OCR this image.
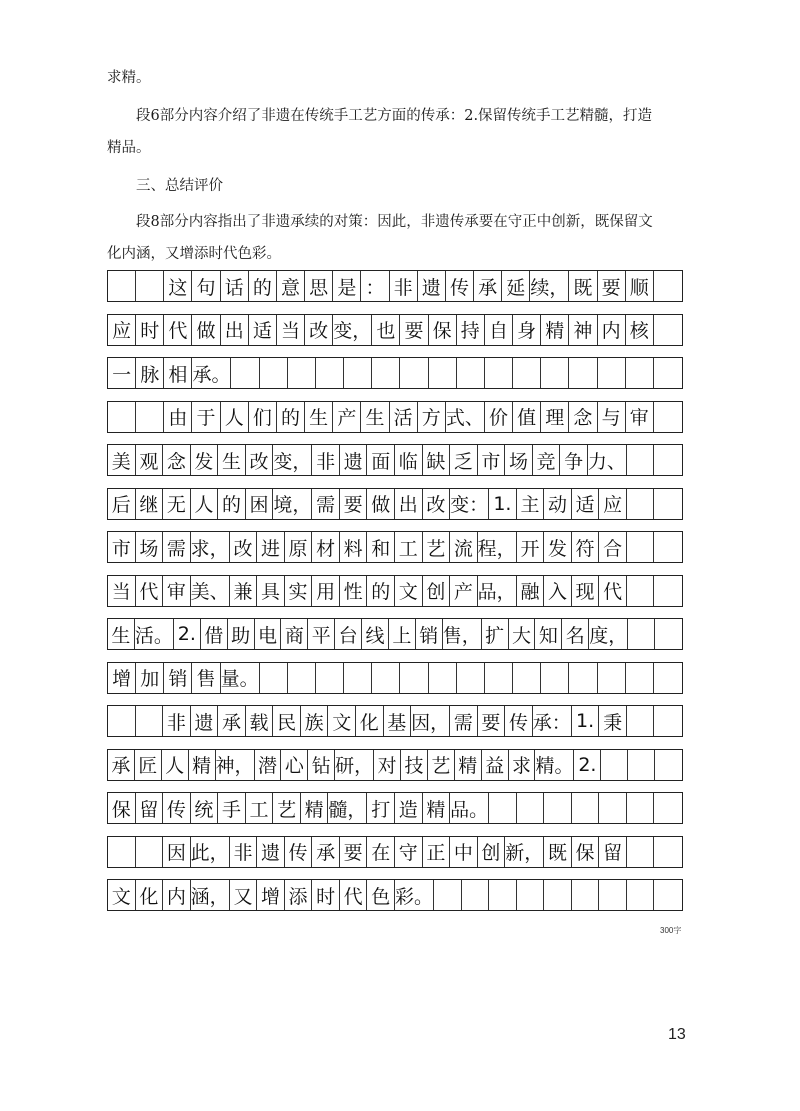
求精。

段6部分内容介绍了非遗在传统手工艺方面的传承：2.保留传统手工艺精髓，打造

精品。

三、总结评价

段8部分内容指出了非遗承续的对策：因此，非遗传承要在守正中创新，既保留文

化内涵，又增添时代色彩。

这 句 话 的 意 思 是 ： 非 遗 传 承 延 续， 既 要 顺
应 时 代 做 出 适 当 改 变， 也 要 保 持 自 身 精 神 内 核
一 脉 相 承。
由 于 人 们 的 生 产 生 活 方 式、 价 值 理 念 与 审
美 观 念 发 生 改 变， 非 遗 面 临 缺 乏 市 场 竞 争 力、
后 继 无 人 的 困 境， 需 要 做 出 改 变： 1. 主 动 适 应
市 场 需 求， 改 进 原 材 料 和 工 艺 流 程， 开 发 符 合
当 代 审 美、 兼 具 实 用 性 的 文 创 产 品， 融 入 现 代
生 活。 2. 借 助 电 商 平 台 线 上 销 售， 扩 大 知 名 度，
增 加 销 售 量。
非 遗 承 载 民 族 文 化 基 因， 需 要 传 承： 1. 秉
承 匠 人 精 神， 潜 心 钻 研， 对 技 艺 精 益 求 精。 2.
保 留 传 统 手 工 艺 精 髓， 打 造 精 品。
因 此， 非 遗 传 承 要 在 守 正 中 创 新， 既 保 留
文 化 内 涵， 又 增 添 时 代 色 彩。
300字
13
